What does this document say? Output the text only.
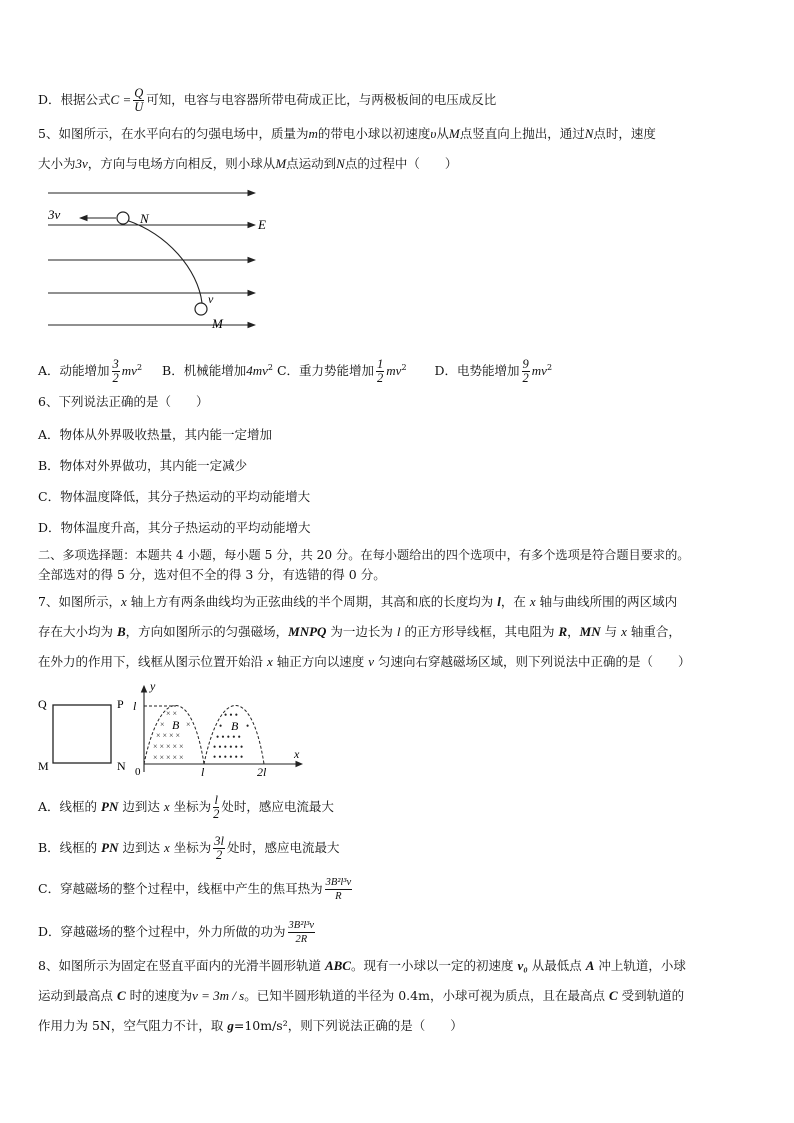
D．根据公式$C = \frac{Q}{U}$ 可知，电容与电容器所带电荷成正比，与两极板间的电压成反比
5、如图所示，在水平向右的匀强电场中，质量为m的带电小球以初速度υ从M点竖直向上抛出，通过N点时，速度
大小为3v，方向与电场方向相反，则小球从M点运动到N点的过程中（　　）
3v	N	E
v
M
A．动能增加 $\frac{3}{2} mv^2$ B．机械能增加$4mv^2$ C．重力势能增加 $\frac{1}{2} mv^2$ D．电势能增加 $\frac{9}{2} mv^2$
6、下列说法正确的是（　　）
A．物体从外界吸收热量，其内能一定增加
B．物体对外界做功，其内能一定减少
C．物体温度降低，其分子热运动的平均动能增大
D．物体温度升高，其分子热运动的平均动能增大
二、多项选择题：本题共 4 小题，每小题 5 分，共 20 分。在每小题给出的四个选项中，有多个选项是符合题目要求的。
全部选对的得 5 分，选对但不全的得 3 分，有选错的得 0 分。
7、如图所示，x 轴上方有两条曲线均为正弦曲线的半个周期，其高和底的长度均为 l，在 x 轴与曲线所围的两区域内
存在大小均为 B，方向如图所示的匀强磁场，MNPQ 为一边长为 l 的正方形导线框，其电阻为 R，MN 与 x 轴重合，
在外力的作用下，线框从图示位置开始沿 x 轴正方向以速度 v 匀速向右穿越磁场区域，则下列说法中正确的是（　　）
Q	P
M	N
× × × × ×
× × × × ×
× × × ×
×	×
× ×
• • • • • •
• • • • • •
• • • • •
•	•
• • •
B	B
y
l
x
0	l	2l
A．线框的 PN 边到达 x 坐标为 $\frac{l}{2}$ 处时，感应电流最大
B．线框的 PN 边到达 x 坐标为 $\frac{3l}{2}$ 处时，感应电流最大
C．穿越磁场的整个过程中，线框中产生的焦耳热为 $\frac{\text{3B²l³v}}{R}$
D．穿越磁场的整个过程中，外力所做的功为 $\frac{\text{3B²l³v}}{2R}$
8、如图所示为固定在竖直平面内的光滑半圆形轨道 ABC。现有一小球以一定的初速度 v₀ 从最低点 A 冲上轨道，小球
运动到最高点 C 时的速度为v = 3m / s。已知半圆形轨道的半径为 0.4m，小球可视为质点，且在最高点 C 受到轨道的
作用力为 5N，空气阻力不计，取 g=10m/s²，则下列说法正确的是（　　）
